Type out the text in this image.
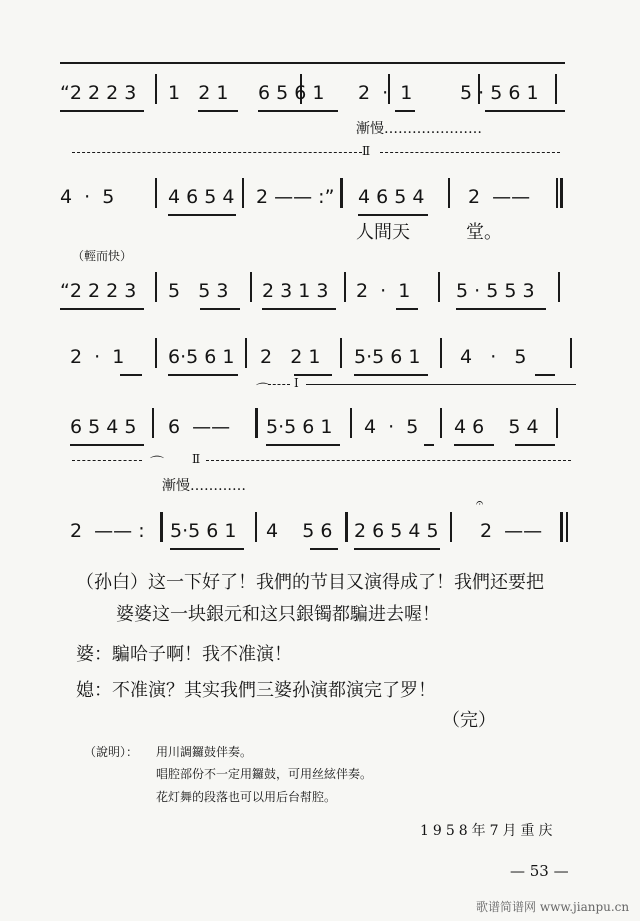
“2 2 2 3 1   2 1 6 5 6 1 2  ·  1	5 · 5 6 1
漸慢…………………
Ⅱ
4  ·  5	4 6 5 4 2 —— :” 4 6 5 4 2  ——
人間天	堂。
（輕而快）
“2 2 2 3 5   5 3 2 3 1 3 2  ·  1 5 · 5 5 3
2  ·  1 6·5 6 1 2   2 1 5·5 6 1 4   ·   5
⌒ Ⅰ
6 5 4 5 6  —— 5·5 6 1 4  ·  5 4 6    5 4
⌒ Ⅱ
漸慢…………
2  —— : 5·5 6 1 4    5 6 2 6 5 4 5 2  ——
𝄐
（孙白）这一下好了！我們的节目又演得成了！我們还要把
婆婆这一块銀元和这只銀镯都騙进去喔！
婆：騙哈子啊！我不准演！
媳：不准演？其实我們三婆孙演都演完了罗！
（完）
（說明）： 用川調鑼鼓伴奏。
唱腔部份不一定用鑼鼓，可用丝絃伴奏。
花灯舞的段落也可以用后台幇腔。
1958年7月重庆
— 53 —
歌谱简谱网 www.jianpu.cn
